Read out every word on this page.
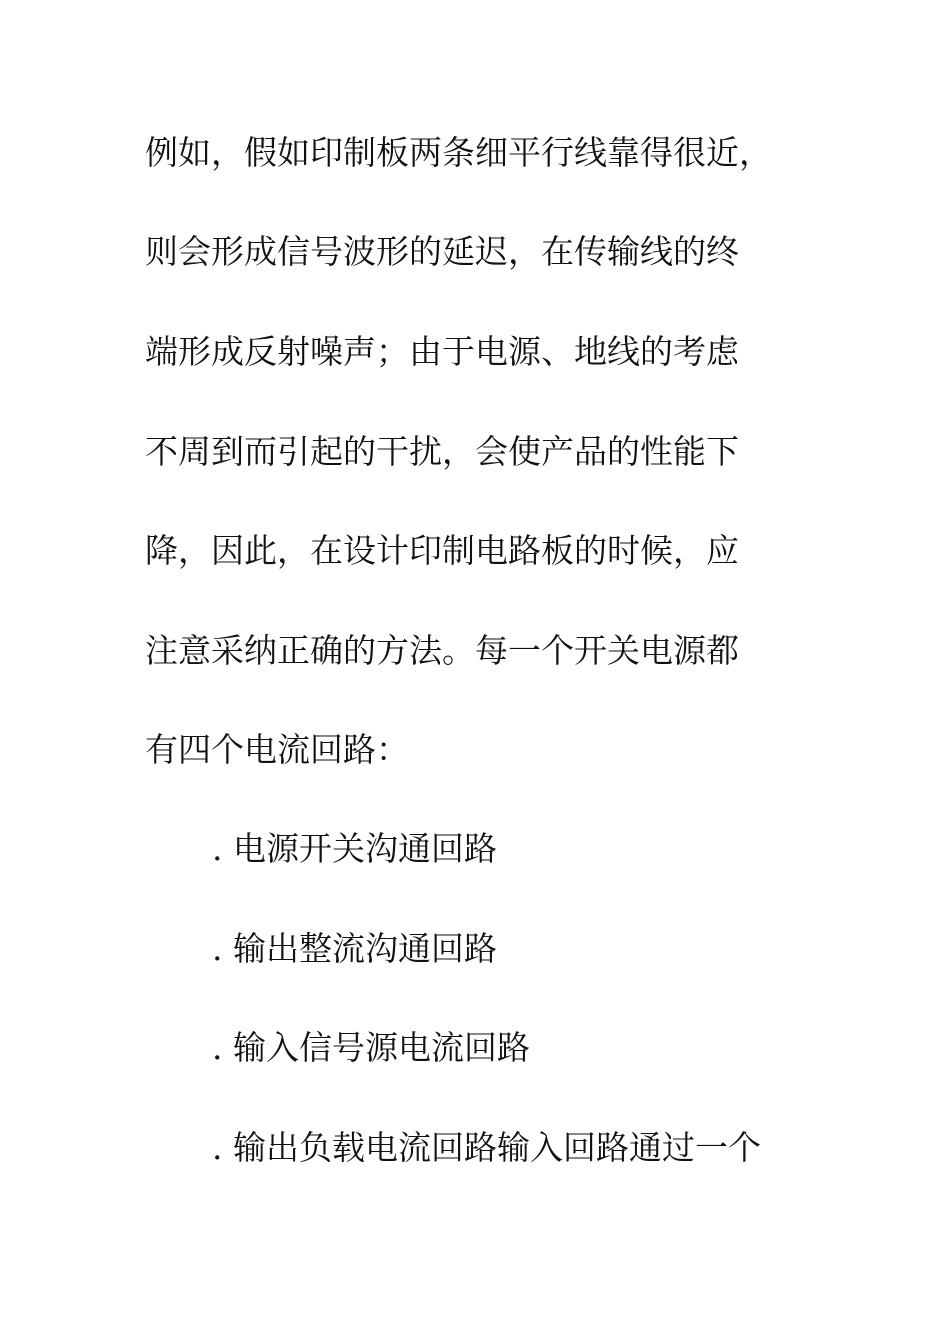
例如，假如印制板两条细平行线靠得很近，
则会形成信号波形的延迟，在传输线的终
端形成反射噪声；由于电源、地线的考虑
不周到而引起的干扰，会使产品的性能下
降，因此，在设计印制电路板的时候，应
注意采纳正确的方法。每一个开关电源都
有四个电流回路：
. 电源开关沟通回路
. 输出整流沟通回路
. 输入信号源电流回路
. 输出负载电流回路输入回路通过一个
